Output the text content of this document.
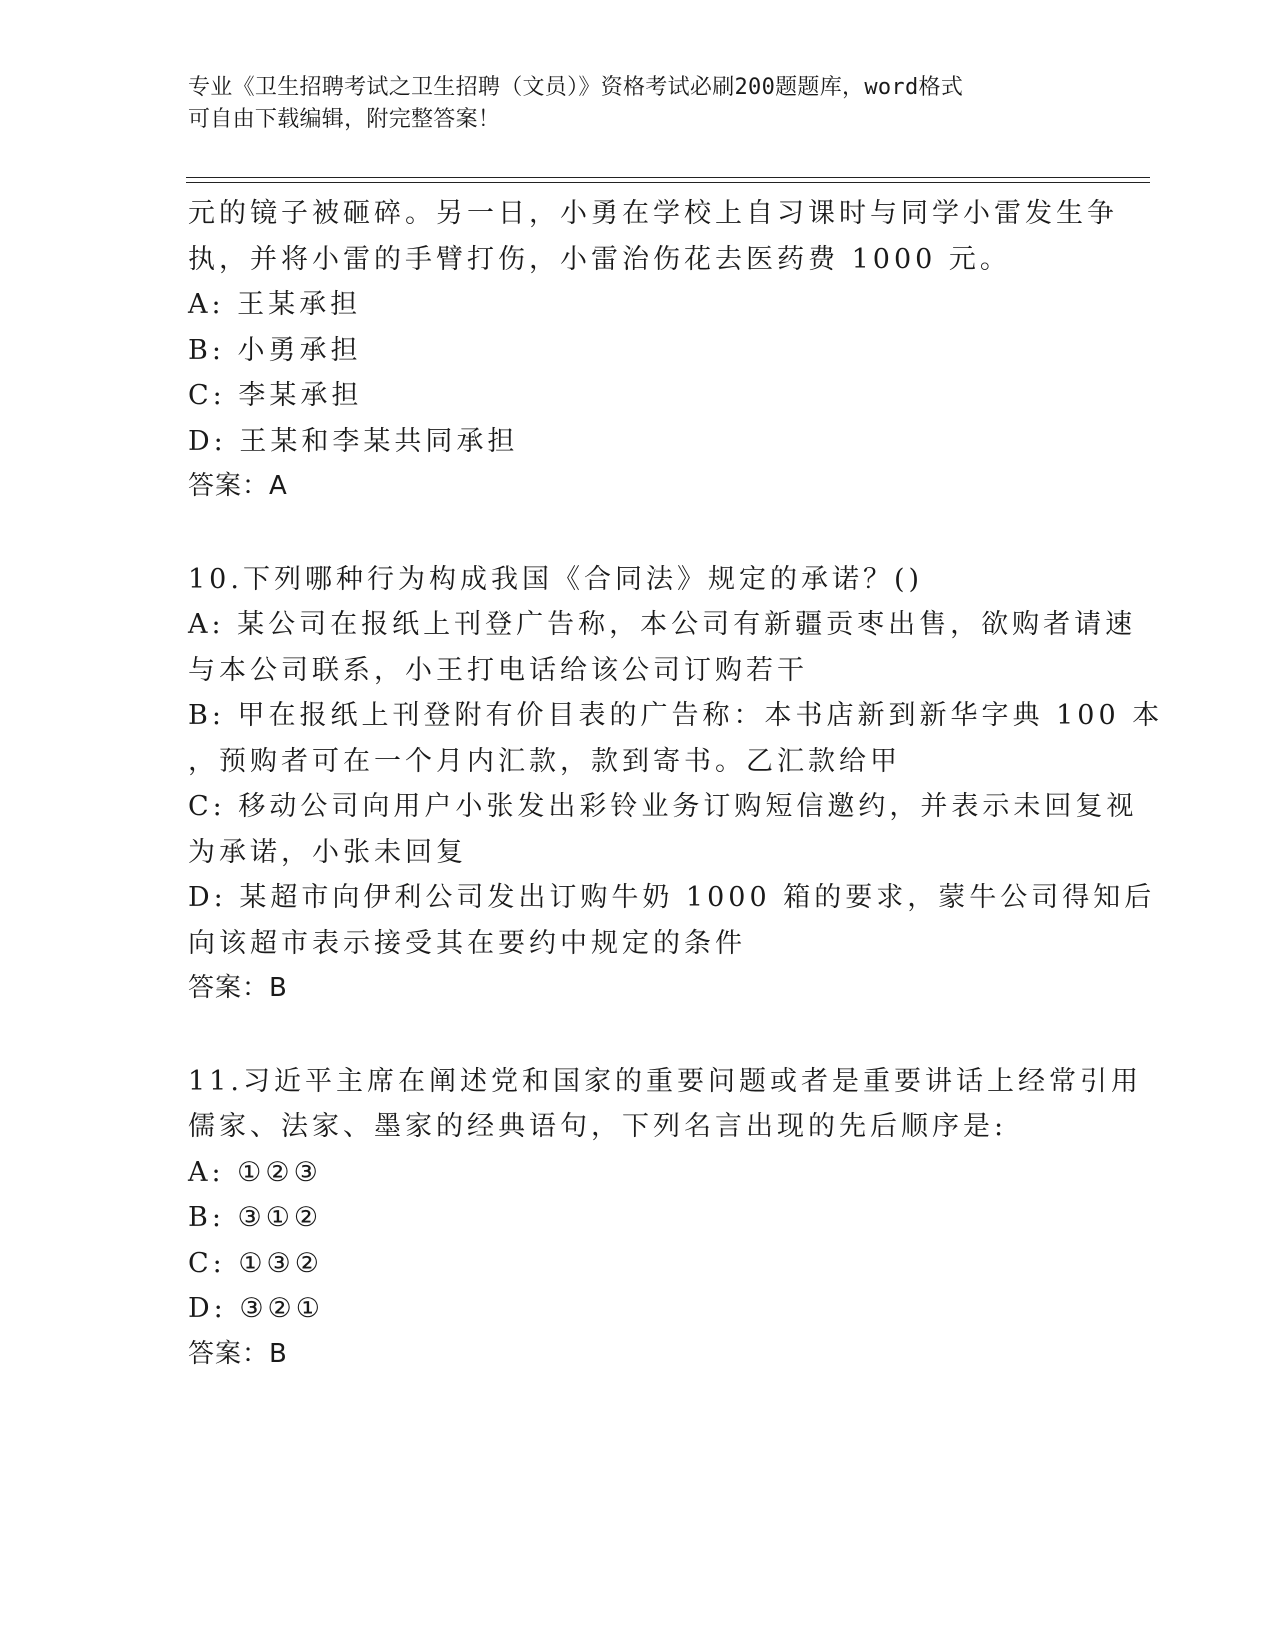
专业《卫生招聘考试之卫生招聘（文员）》资格考试必刷200题题库，word格式
可自由下载编辑，附完整答案！
元的镜子被砸碎。另一日，小勇在学校上自习课时与同学小雷发生争
执，并将小雷的手臂打伤，小雷治伤花去医药费 1000 元。
A: 王某承担
B: 小勇承担
C: 李某承担
D: 王某和李某共同承担
答案：A
10.下列哪种行为构成我国《合同法》规定的承诺？()
A: 某公司在报纸上刊登广告称，本公司有新疆贡枣出售，欲购者请速
与本公司联系，小王打电话给该公司订购若干
B: 甲在报纸上刊登附有价目表的广告称：本书店新到新华字典 100 本
，预购者可在一个月内汇款，款到寄书。乙汇款给甲
C: 移动公司向用户小张发出彩铃业务订购短信邀约，并表示未回复视
为承诺，小张未回复
D: 某超市向伊利公司发出订购牛奶 1000 箱的要求，蒙牛公司得知后
向该超市表示接受其在要约中规定的条件
答案：B
11.习近平主席在阐述党和国家的重要问题或者是重要讲话上经常引用
儒家、法家、墨家的经典语句，下列名言出现的先后顺序是:
A: ①②③
B: ③①②
C: ①③②
D: ③②①
答案：B
